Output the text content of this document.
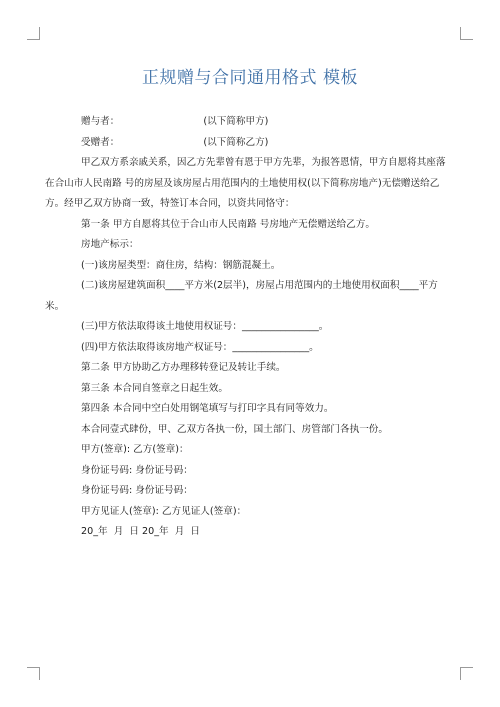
正规赠与合同通用格式 模板
赠与者：	(以下简称甲方)
受赠者：	(以下简称乙方)
甲乙双方系亲戚关系，因乙方先辈曾有恩于甲方先辈，为报答恩情，甲方自愿将其座落在合山市人民南路 号的房屋及该房屋占用范围内的土地使用权(以下简称房地产)无偿赠送给乙方。经甲乙双方协商一致，特签订本合同，以资共同恪守：
第一条 甲方自愿将其位于合山市人民南路 号房地产无偿赠送给乙方。
房地产标示：
(一)该房屋类型：商住房，结构：钢筋混凝土。
(二)该房屋建筑面积____平方米(2层半)，房屋占用范围内的土地使用权面积____平方米。
(三)甲方依法取得该土地使用权证号：________________。
(四)甲方依法取得该房地产权证号：________________。
第二条 甲方协助乙方办理移转登记及转让手续。
第三条 本合同自签章之日起生效。
第四条 本合同中空白处用钢笔填写与打印字具有同等效力。
本合同壹式肆份，甲、乙双方各执一份，国土部门、房管部门各执一份。
甲方(签章): 乙方(签章)：
身份证号码: 身份证号码：
身份证号码: 身份证号码：
甲方见证人(签章): 乙方见证人(签章)：
20_年  月  日 20_年  月  日
